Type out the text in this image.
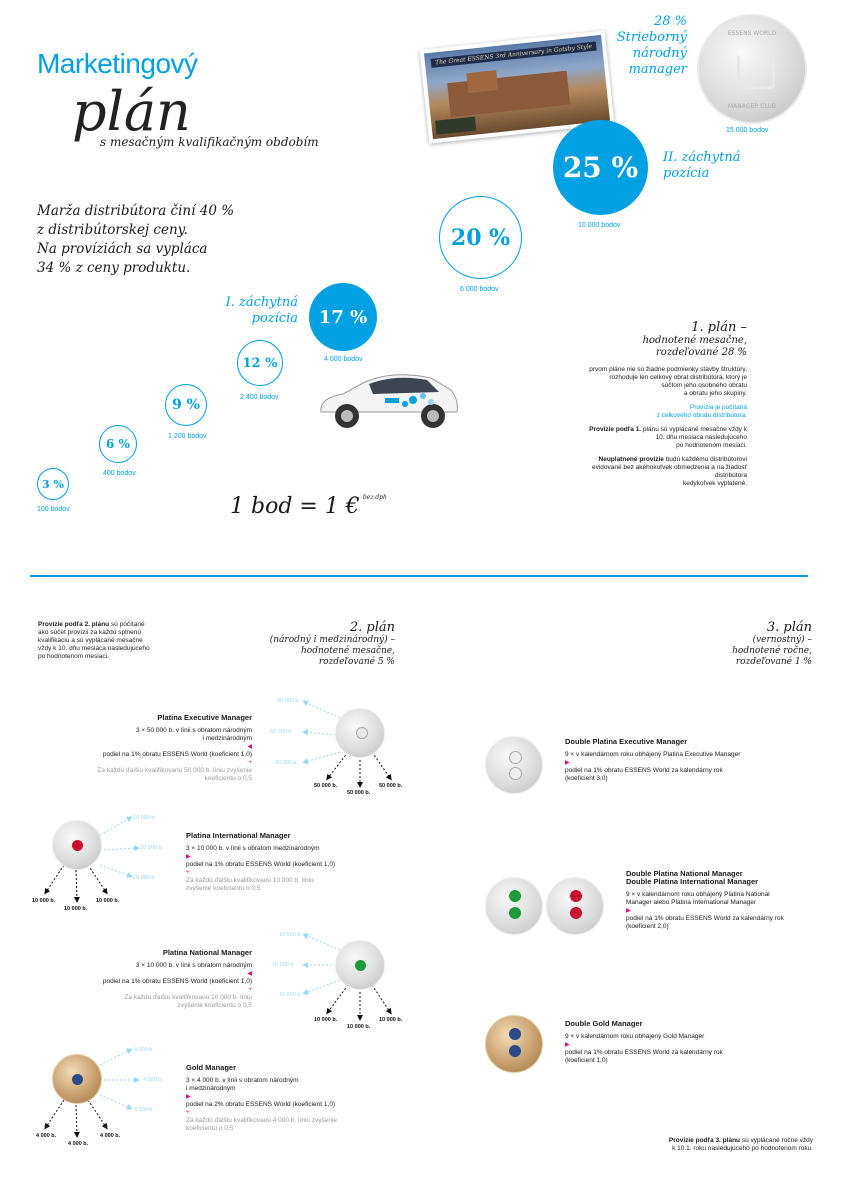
Marketingový
plán
s mesačným kvalifikačným obdobím
Marža distribútora činí 40 %
z distribútorskej ceny.
Na províziách sa vypláca
34 % z ceny produktu.
The Great ESSENS 3rd Anniversary in Gatsby Style
28 %
Strieborný
národný
manager
ESSENS WORLD
MANAGER CLUB
15 000 bodov
3 %
100 bodov
6 %
400 bodov
9 %
1 200 bodov
12 %
2 400 bodov
17 %
4 000 bodov
20 %
6 000 bodov
25 %
10 000 bodov
I. záchytná
pozícia
II. záchytná
pozícia
1 bod = 1 € $^{bez dph}$
1. plán –
hodnotené mesačne,
rozdeľované 28 %
prvom pláne nie sú žiadne podmienky stavby štruktúry,
rozhoduje len celkový obrat distribútora, ktorý je
súčtom jeho osobného obratu
a obratu jeho skupiny.
Provízia je počítaná
z celkového obratu distribútora.
Provízie podľa 1. plánu sú vyplácané mesačne vždy k
10. dňu mesiaca nasledujúceho
po hodnotenom mesiaci.
Neuplatnené provízie budú každému distribútorovi
evidované bez akéhokoľvek obmedzenia a na žiadosť
distribútora
kedykoľvek vyplatené.
Provízie podľa 2. plánu sú počítané
ako súčet provízií za každú splnenú
kvalifikáciu a sú vyplácané mesačne
vždy k 10. dňu mesiaca nasledujúceho
po hodnotenom mesiaci.
2. plán
(národný i medzinárodný) –
hodnotené mesačne,
rozdeľované 5 %
3. plán
(vernostný) –
hodnotené ročne,
rozdeľované 1 %
Platina Executive Manager
3 × 50 000 b. v línii s obratom národným
i medzinárodným
◀
podiel na 1% obratu ESSENS World (koeficient 1,0)
+
Za každú ďalšiu kvalifikovanú 50 000 b. líniu zvyšenie
koeficientu o 0,5
50 000 b.
50 000 b.
50 000 b.
50 000 b.
50 000 b.
50 000 b.
10 000 b.
10 000 b.
10 000 b.
Platina International Manager
3 × 10 000 b. v línii s obratom medzinárodným
▶
podiel na 1% obratu ESSENS World (koeficient 1,0)
+
Za každú ďalšiu kvalifikovanú 10 000 b. líniu
zvyšenie koeficientu o 0,5
10 000 b.
10 000 b.
10 000 b.
Platina National Manager
3 × 10 000 b. v línii s obratom národným
◀
podiel na 1% obratu ESSENS World (koeficient 1,0)
+
Za každú ďalšiu kvalifikovanú 10 000 b. líniu
zvyšenie koeficientu o 0,5
10 000 b.
10 000 b.
10 000 b.
10 000 b.
10 000 b.
10 000 b.
4 000 b.
4 000 b.
4 000 b.
Gold Manager
3 × 4 000 b. v línii s obratom národným
i medzinárodným
▶
podiel na 2% obratu ESSENS World (koeficient 1,0)
+
Za každú ďalšiu kvalifikovanú 4 000 b. líniu zvyšenie
koeficientu o 0,5
4 000 b.
4 000 b.
4 000 b.
Double Platina Executive Manager
9 × v kalendárnom roku obhájený Platina Executive Manager
▶
podiel na 1% obratu ESSENS World za kalendárny rok
(koeficient 3,0)
Double Platina National Manager
Double Platina International Manager
9 × v kalendárnom roku obhájený Platina National
Manager alebo Platina International Manager
▶
podiel na 1% obratu ESSENS World za kalendárny rok
(koeficient 2,0)
Double Gold Manager
9 × v kalendárnom roku obhájený Gold Manager
▶
podiel na 1% obratu ESSENS World za kalendárny rok
(koeficient 1,0)
Provízie podľa 3. plánu sú vyplácané ročne vždy
k 10.1. roku nasledujúceho po hodnotenom roku.
